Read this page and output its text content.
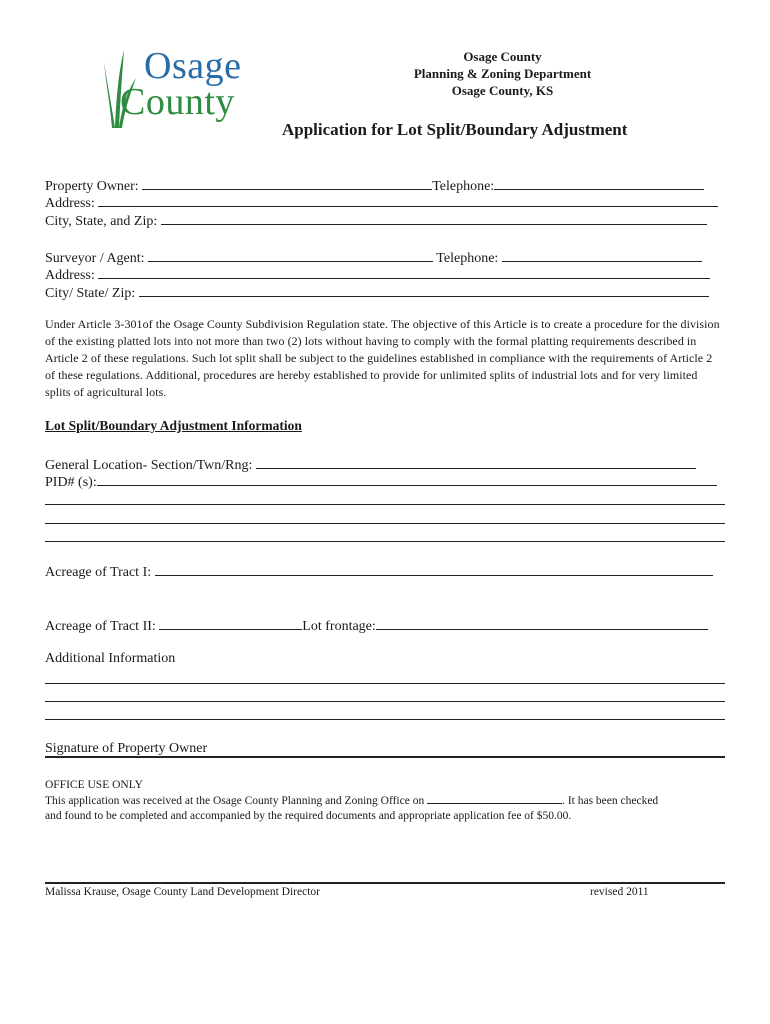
Osage
County
Osage County
Planning & Zoning Department
Osage County, KS
Application for Lot Split/Boundary Adjustment
Property Owner:	Telephone:
Address:
City, State, and Zip:
Surveyor / Agent:	Telephone:
Address:
City/ State/ Zip:
Under Article 3-301of the Osage County Subdivision Regulation state. The objective of this Article is to create a procedure for the division of the existing platted lots into not more than two (2) lots without having to comply with the formal platting requirements described in Article 2 of these regulations. Such lot split shall be subject to the guidelines established in compliance with the requirements of Article 2 of these regulations. Additional, procedures are hereby established to provide for unlimited splits of industrial lots and for very limited splits of agricultural lots.
Lot Split/Boundary Adjustment Information
General Location- Section/Twn/Rng:
PID# (s):
Acreage of Tract I:
Acreage of Tract II:	Lot frontage:
Additional Information
Signature of Property Owner
OFFICE USE ONLY
This application was received at the Osage County Planning and Zoning Office on	. It has been checked
and found to be completed and accompanied by the required documents and appropriate application fee of $50.00.
Malissa Krause, Osage County Land Development Director	revised 2011
